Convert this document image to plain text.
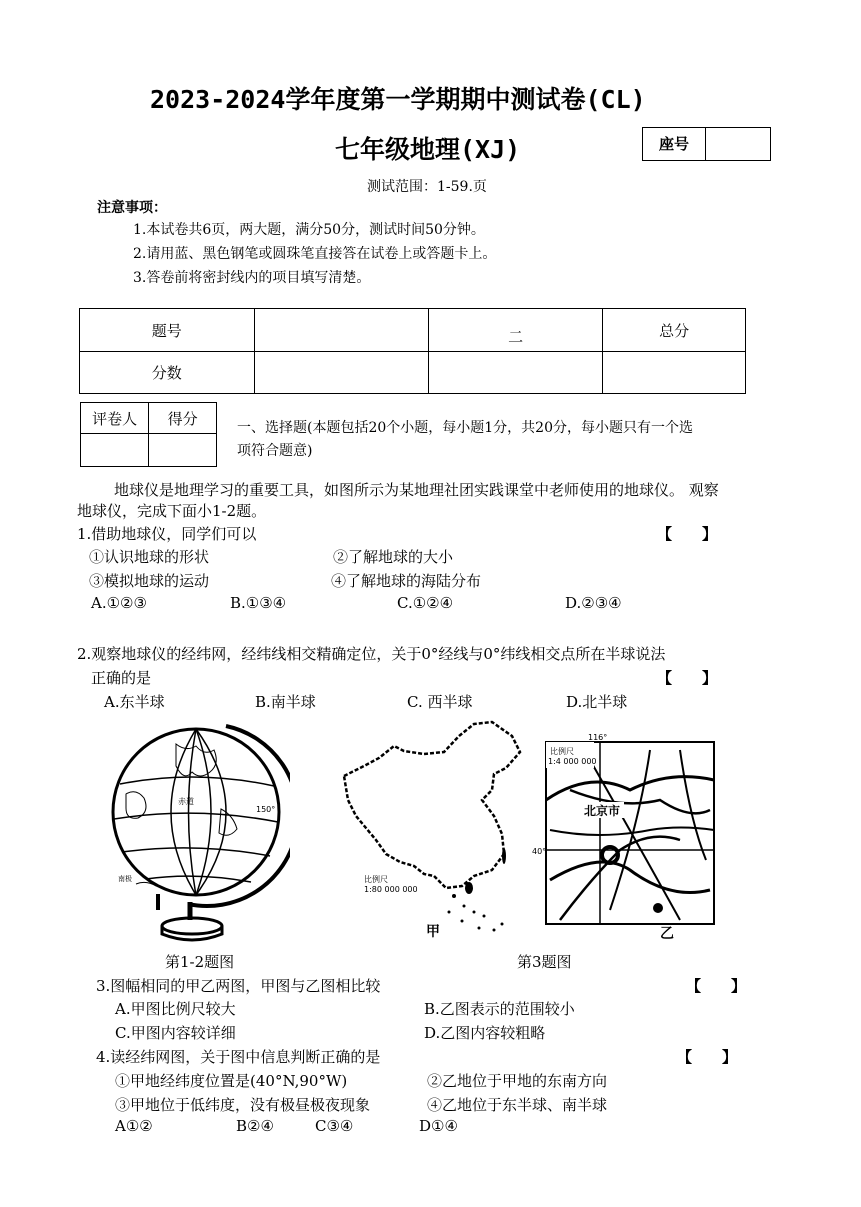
2023-2024学年度第一学期期中测试卷(CL)
七年级地理(XJ)	座号
测试范围：1-59.页
注意事项：
1.本试卷共6页，两大题，满分50分，测试时间50分钟。
2.请用蓝、黑色钢笔或圆珠笔直接答在试卷上或答题卡上。
3.答卷前将密封线内的项目填写清楚。
题号		二	总分
分数			
评卷人	得分

一、选择题(本题包括20个小题，每小题1分，共20分，每小题只有一个选
项符合题意)
地球仪是地理学习的重要工具，如图所示为某地理社团实践课堂中老师使用的地球仪。 观察
地球仪，完成下面小1-2题。
1.借助地球仪，同学们可以	【　　】
①认识地球的形状	②了解地球的大小
③模拟地球的运动	④了解地球的海陆分布
A.①②③	B.①③④	C.①②④	D.②③④
2.观察地球仪的经纬网，经纬线相交精确定位，关于0°经线与0°纬线相交点所在半球说法
正确的是	【　　】
A.东半球	B.南半球	C. 西半球	D.北半球
150°
赤道
南极	比例尺
1:80 000 000
甲
比例尺
1:4 000 000
116°
40°
北京市
乙
第1-2题图	第3题图
3.图幅相同的甲乙两图，甲图与乙图相比较	【　　】
A.甲图比例尺较大	B.乙图表示的范围较小
C.甲图内容较详细	D.乙图内容较粗略
4.读经纬网图，关于图中信息判断正确的是	【　　】
①甲地经纬度位置是(40°N,90°W)	②乙地位于甲地的东南方向
③甲地位于低纬度，没有极昼极夜现象	④乙地位于东半球、南半球
A①②	B②④	C③④	D①④
